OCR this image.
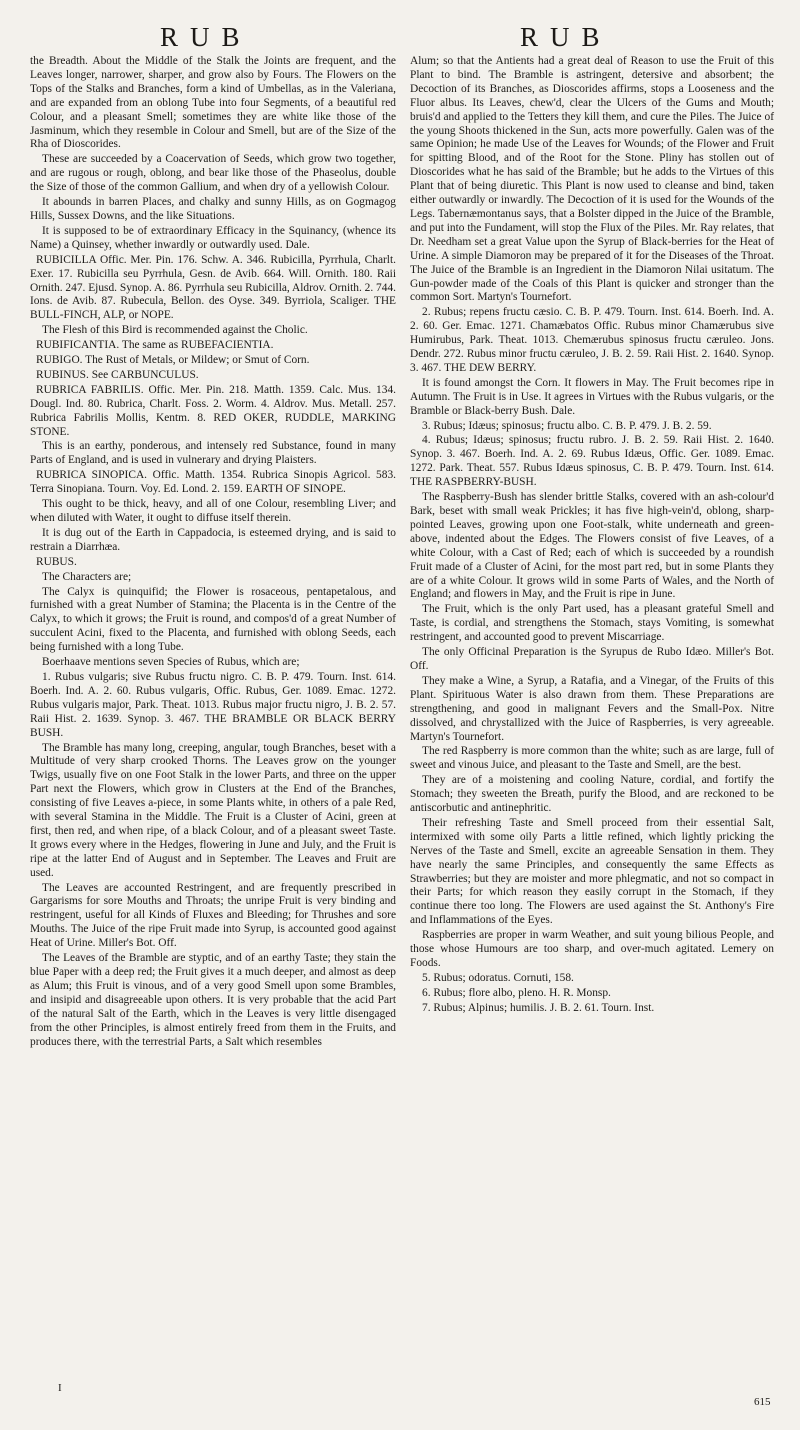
RUB	RUB

the Breadth. About the Middle of the Stalk the Joints are frequent, and the Leaves longer, narrower, sharper, and grow also by Fours. The Flowers on the Tops of the Stalks and Branches, form a kind of Umbellas, as in the Valeriana, and are expanded from an oblong Tube into four Segments, of a beautiful red Colour, and a pleasant Smell; sometimes they are white like those of the Jasminum, which they resemble in Colour and Smell, but are of the Size of the Rha of Dioscorides.

These are succeeded by a Coacervation of Seeds, which grow two together, and are rugous or rough, oblong, and bear like those of the Phaseolus, double the Size of those of the common Gallium, and when dry of a yellowish Colour.

It abounds in barren Places, and chalky and sunny Hills, as on Gogmagog Hills, Sussex Downs, and the like Situations.

It is supposed to be of extraordinary Efficacy in the Squinancy, (whence its Name) a Quinsey, whether inwardly or outwardly used. Dale.

RUBICILLA Offic. Mer. Pin. 176. Schw. A. 346. Rubicilla, Pyrrhula, Charlt. Exer. 17. Rubicilla seu Pyrrhula, Gesn. de Avib. 664. Will. Ornith. 180. Raii Ornith. 247. Ejusd. Synop. A. 86. Pyrrhula seu Rubicilla, Aldrov. Ornith. 2. 744. Ions. de Avib. 87. Rubecula, Bellon. des Oyse. 349. Byrriola, Scaliger. THE BULL-FINCH, ALP, or NOPE.

The Flesh of this Bird is recommended against the Cholic.

RUBIFICANTIA. The same as RUBEFACIENTIA.

RUBIGO. The Rust of Metals, or Mildew; or Smut of Corn.

RUBINUS. See CARBUNCULUS.

RUBRICA FABRILIS. Offic. Mer. Pin. 218. Matth. 1359. Calc. Mus. 134. Dougl. Ind. 80. Rubrica, Charlt. Foss. 2. Worm. 4. Aldrov. Mus. Metall. 257. Rubrica Fabrilis Mollis, Kentm. 8. RED OKER, RUDDLE, MARKING STONE.

This is an earthy, ponderous, and intensely red Substance, found in many Parts of England, and is used in vulnerary and drying Plaisters.

RUBRICA SINOPICA. Offic. Matth. 1354. Rubrica Sinopis Agricol. 583. Terra Sinopiana. Tourn. Voy. Ed. Lond. 2. 159. EARTH OF SINOPE.

This ought to be thick, heavy, and all of one Colour, resembling Liver; and when diluted with Water, it ought to diffuse itself therein.

It is dug out of the Earth in Cappadocia, is esteemed drying, and is said to restrain a Diarrhæa.

RUBUS.

The Characters are;

The Calyx is quinquifid; the Flower is rosaceous, pentapetalous, and furnished with a great Number of Stamina; the Placenta is in the Centre of the Calyx, to which it grows; the Fruit is round, and compos'd of a great Number of succulent Acini, fixed to the Placenta, and furnished with oblong Seeds, each being furnished with a long Tube.

Boerhaave mentions seven Species of Rubus, which are;

1. Rubus vulgaris; sive Rubus fructu nigro. C. B. P. 479. Tourn. Inst. 614. Boerh. Ind. A. 2. 60. Rubus vulgaris, Offic. Rubus, Ger. 1089. Emac. 1272. Rubus vulgaris major, Park. Theat. 1013. Rubus major fructu nigro, J. B. 2. 57. Raii Hist. 2. 1639. Synop. 3. 467. THE BRAMBLE OR BLACK BERRY BUSH.

The Bramble has many long, creeping, angular, tough Branches, beset with a Multitude of very sharp crooked Thorns. The Leaves grow on the younger Twigs, usually five on one Foot Stalk in the lower Parts, and three on the upper Part next the Flowers, which grow in Clusters at the End of the Branches, consisting of five Leaves a-piece, in some Plants white, in others of a pale Red, with several Stamina in the Middle. The Fruit is a Cluster of Acini, green at first, then red, and when ripe, of a black Colour, and of a pleasant sweet Taste. It grows every where in the Hedges, flowering in June and July, and the Fruit is ripe at the latter End of August and in September. The Leaves and Fruit are used.

The Leaves are accounted Restringent, and are frequently prescribed in Gargarisms for sore Mouths and Throats; the unripe Fruit is very binding and restringent, useful for all Kinds of Fluxes and Bleeding; for Thrushes and sore Mouths. The Juice of the ripe Fruit made into Syrup, is accounted good against Heat of Urine. Miller's Bot. Off.

The Leaves of the Bramble are styptic, and of an earthy Taste; they stain the blue Paper with a deep red; the Fruit gives it a much deeper, and almost as deep as Alum; this Fruit is vinous, and of a very good Smell upon some Brambles, and insipid and disagreeable upon others. It is very probable that the acid Part of the natural Salt of the Earth, which in the Leaves is very little disengaged from the other Principles, is almost entirely freed from them in the Fruits, and produces there, with the terrestrial Parts, a Salt which resembles

Alum; so that the Antients had a great deal of Reason to use the Fruit of this Plant to bind. The Bramble is astringent, detersive and absorbent; the Decoction of its Branches, as Dioscorides affirms, stops a Looseness and the Fluor albus. Its Leaves, chew'd, clear the Ulcers of the Gums and Mouth; bruis'd and applied to the Tetters they kill them, and cure the Piles. The Juice of the young Shoots thickened in the Sun, acts more powerfully. Galen was of the same Opinion; he made Use of the Leaves for Wounds; of the Flower and Fruit for spitting Blood, and of the Root for the Stone. Pliny has stollen out of Dioscorides what he has said of the Bramble; but he adds to the Virtues of this Plant that of being diuretic. This Plant is now used to cleanse and bind, taken either outwardly or inwardly. The Decoction of it is used for the Wounds of the Legs. Tabernæmontanus says, that a Bolster dipped in the Juice of the Bramble, and put into the Fundament, will stop the Flux of the Piles. Mr. Ray relates, that Dr. Needham set a great Value upon the Syrup of Black-berries for the Heat of Urine. A simple Diamoron may be prepared of it for the Diseases of the Throat. The Juice of the Bramble is an Ingredient in the Diamoron Nilai usitatum. The Gun-powder made of the Coals of this Plant is quicker and stronger than the common Sort. Martyn's Tournefort.

2. Rubus; repens fructu cæsio. C. B. P. 479. Tourn. Inst. 614. Boerh. Ind. A. 2. 60. Ger. Emac. 1271. Chamæbatos Offic. Rubus minor Chamærubus sive Humirubus, Park. Theat. 1013. Chemærubus spinosus fructu cæruleo. Jons. Dendr. 272. Rubus minor fructu cæruleo, J. B. 2. 59. Raii Hist. 2. 1640. Synop. 3. 467. THE DEW BERRY.

It is found amongst the Corn. It flowers in May. The Fruit becomes ripe in Autumn. The Fruit is in Use. It agrees in Virtues with the Rubus vulgaris, or the Bramble or Black-berry Bush. Dale.

3. Rubus; Idæus; spinosus; fructu albo. C. B. P. 479. J. B. 2. 59.

4. Rubus; Idæus; spinosus; fructu rubro. J. B. 2. 59. Raii Hist. 2. 1640. Synop. 3. 467. Boerh. Ind. A. 2. 69. Rubus Idæus, Offic. Ger. 1089. Emac. 1272. Park. Theat. 557. Rubus Idæus spinosus, C. B. P. 479. Tourn. Inst. 614. THE RASPBERRY-BUSH.

The Raspberry-Bush has slender brittle Stalks, covered with an ash-colour'd Bark, beset with small weak Prickles; it has five high-vein'd, oblong, sharp-pointed Leaves, growing upon one Foot-stalk, white underneath and green-above, indented about the Edges. The Flowers consist of five Leaves, of a white Colour, with a Cast of Red; each of which is succeeded by a roundish Fruit made of a Cluster of Acini, for the most part red, but in some Plants they are of a white Colour. It grows wild in some Parts of Wales, and the North of England; and flowers in May, and the Fruit is ripe in June.

The Fruit, which is the only Part used, has a pleasant grateful Smell and Taste, is cordial, and strengthens the Stomach, stays Vomiting, is somewhat restringent, and accounted good to prevent Miscarriage.

The only Officinal Preparation is the Syrupus de Rubo Idæo. Miller's Bot. Off.

They make a Wine, a Syrup, a Ratafia, and a Vinegar, of the Fruits of this Plant. Spirituous Water is also drawn from them. These Preparations are strengthening, and good in malignant Fevers and the Small-Pox. Nitre dissolved, and chrystallized with the Juice of Raspberries, is very agreeable. Martyn's Tournefort.

The red Raspberry is more common than the white; such as are large, full of sweet and vinous Juice, and pleasant to the Taste and Smell, are the best.

They are of a moistening and cooling Nature, cordial, and fortify the Stomach; they sweeten the Breath, purify the Blood, and are reckoned to be antiscorbutic and antinephritic.

Their refreshing Taste and Smell proceed from their essential Salt, intermixed with some oily Parts a little refined, which lightly pricking the Nerves of the Taste and Smell, excite an agreeable Sensation in them. They have nearly the same Principles, and consequently the same Effects as Strawberries; but they are moister and more phlegmatic, and not so compact in their Parts; for which reason they easily corrupt in the Stomach, if they continue there too long. The Flowers are used against the St. Anthony's Fire and Inflammations of the Eyes.

Raspberries are proper in warm Weather, and suit young bilious People, and those whose Humours are too sharp, and over-much agitated. Lemery on Foods.

5. Rubus; odoratus. Cornuti, 158.

6. Rubus; flore albo, pleno. H. R. Monsp.

7. Rubus; Alpinus; humilis. J. B. 2. 61. Tourn. Inst.

I
615
